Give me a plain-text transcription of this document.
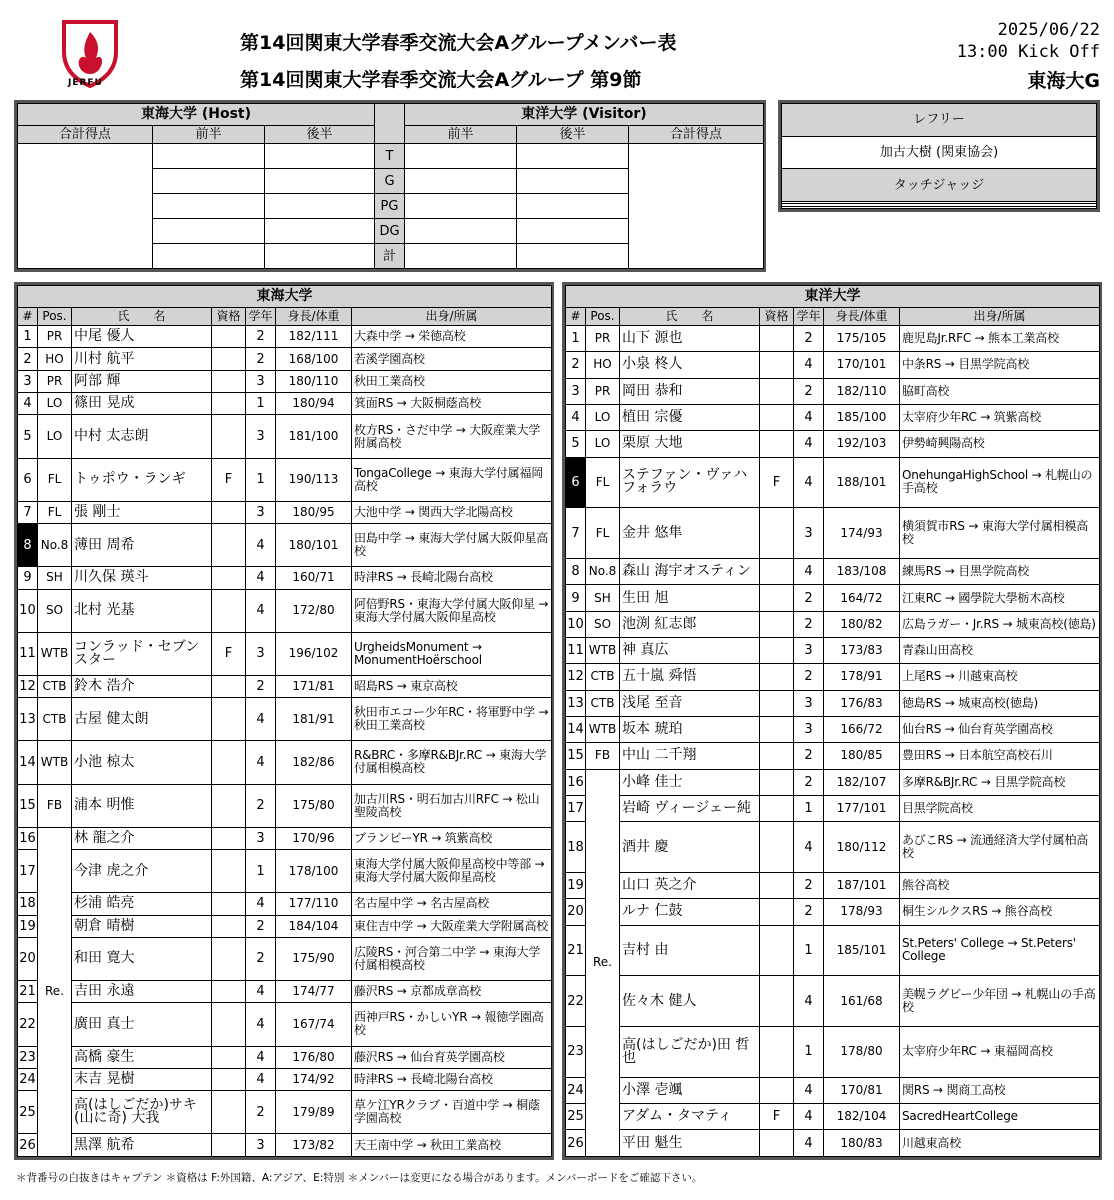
JERFU
第14回関東大学春季交流大会Aグループメンバー表
第14回関東大学春季交流大会Aグループ 第9節
2025/06/22
13:00 Kick Off
東海大G
東海大学 (Host)				東洋大学 (Visitor)		
合計得点	前半	後半		前半	後半	合計得点
			T			
			G			
			PG			
			DG			
			計			
レフリー
加古大樹 (関東協会)
タッチジャッジ

東海大学						
#	Pos.	氏　　名	資格	学年	身長/体重	出身/所属
1	PR	中尾 優人		2	182/111	大森中学 → 栄徳高校
2	HO	川村 航平		2	168/100	若溪学園高校
3	PR	阿部 輝		3	180/110	秋田工業高校
4	LO	篠田 晃成		1	180/94	箕面RS → 大阪桐蔭高校
5	LO	中村 太志朗		3	181/100	枚方RS・さだ中学 → 大阪産業大学附属高校
6	FL	トゥポウ・ランギ	F	1	190/113	TongaCollege → 東海大学付属福岡高校
7	FL	張 剛士		3	180/95	大池中学 → 関西大学北陽高校
8	No.8	薄田 周希		4	180/101	田島中学 → 東海大学付属大阪仰星高校
9	SH	川久保 瑛斗		4	160/71	時津RS → 長崎北陽台高校
10	SO	北村 光基		4	172/80	阿倍野RS・東海大学付属大阪仰星 → 東海大学付属大阪仰星高校
11	WTB	コンラッド・セブンスター	F	3	196/102	UrgheidsMonument → MonumentHoërschool
12	CTB	鈴木 浩介		2	171/81	昭島RS → 東京高校
13	CTB	古屋 健太朗		4	181/91	秋田市エコー少年RC・将軍野中学 → 秋田工業高校
14	WTB	小池 椋太		4	182/86	R&BRC・多摩R&BJr.RC → 東海大学付属相模高校
15	FB	浦本 明惟		2	175/80	加古川RS・明石加古川RFC → 松山聖陵高校
16	Re.	林 龍之介		3	170/96	ブランビーYR → 筑紫高校
17		今津 虎之介		1	178/100	東海大学付属大阪仰星高校中等部 → 東海大学付属大阪仰星高校
18		杉浦 皓亮		4	177/110	名古屋中学 → 名古屋高校
19		朝倉 晴樹		2	184/104	東住吉中学 → 大阪産業大学附属高校
20		和田 寛大		2	175/90	広陵RS・河合第二中学 → 東海大学付属相模高校
21		吉田 永遠		4	174/77	藤沢RS → 京都成章高校
22		廣田 真士		4	167/74	西神戸RS・かしいYR → 報徳学園高校
23		高橋 豪生		4	176/80	藤沢RS → 仙台育英学園高校
24		末吉 晃樹		4	174/92	時津RS → 長崎北陽台高校
25		高(はしごだか)サキ(山に奇) 大我		2	179/89	草ケ江YRクラブ・百道中学 → 桐蔭学園高校
26		黒澤 航希		3	173/82	天王南中学 → 秋田工業高校
東洋大学						
#	Pos.	氏　　名	資格	学年	身長/体重	出身/所属
1	PR	山下 源也		2	175/105	鹿児島Jr.RFC → 熊本工業高校
2	HO	小泉 柊人		4	170/101	中条RS → 目黒学院高校
3	PR	岡田 恭和		2	182/110	脇町高校
4	LO	植田 宗優		4	185/100	太宰府少年RC → 筑紫高校
5	LO	栗原 大地		4	192/103	伊勢崎興陽高校
6	FL	ステファン・ヴァハフォラウ	F	4	188/101	OnehungaHighSchool → 札幌山の手高校
7	FL	金井 悠隼		3	174/93	横須賀市RS → 東海大学付属相模高校
8	No.8	森山 海宇オスティン		4	183/108	練馬RS → 目黒学院高校
9	SH	生田 旭		2	164/72	江東RC → 國學院大學栃木高校
10	SO	池渕 紅志郎		2	180/82	広島ラガー・Jr.RS → 城東高校(徳島)
11	WTB	神 真広		3	173/83	青森山田高校
12	CTB	五十嵐 舜悟		2	178/91	上尾RS → 川越東高校
13	CTB	浅尾 至音		3	176/83	徳島RS → 城東高校(徳島)
14	WTB	坂本 琥珀		3	166/72	仙台RS → 仙台育英学園高校
15	FB	中山 二千翔		2	180/85	豊田RS → 日本航空高校石川
16	Re.	小峰 佳士		2	182/107	多摩R&BJr.RC → 目黒学院高校
17		岩崎 ヴィージェー純		1	177/101	目黒学院高校
18		酒井 慶		4	180/112	あびこRS → 流通経済大学付属柏高校
19		山口 英之介		2	187/101	熊谷高校
20		ルナ 仁鼓		2	178/93	桐生シルクスRS → 熊谷高校
21		吉村 由		1	185/101	St.Peters' College → St.Peters' College
22		佐々木 健人		4	161/68	美幌ラグビー少年団 → 札幌山の手高校
23		高(はしごだか)田 哲也		1	178/80	太宰府少年RC → 東福岡高校
24		小澤 壱颯		4	170/81	関RS → 関商工高校
25		アダム・タマティ	F	4	182/104	SacredHeartCollege
26		平田 魁生		4	180/83	川越東高校
＊背番号の白抜きはキャプテン ＊資格は F:外国籍、A:アジア、E:特別 ＊メンバーは変更になる場合があります。メンバーボードをご確認下さい。
